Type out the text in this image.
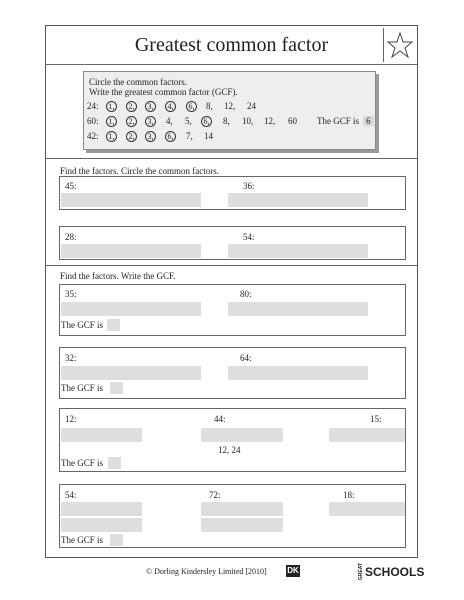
Greatest common factor
Circle the common factors.
Write the greatest common factor (GCF).
24:	1,	2,	3,	4,	6, 8, 12, 24
60:	1,	2,	3, 4, 5,	6, 8, 10, 12, 60 The GCF is 6
42:	1,	2,	3,	6, 7, 14
Find the factors. Circle the common factors.
45:	36:
28:	54:
Find the factors. Write the GCF.
35:	80:
The GCF is
32:	64:
The GCF is
12:	44:	15:
12, 24
The GCF is
54:	72:	18:
The GCF is
© Dorling Kindersley Limited [2010]	DK	GREATSCHOOLS
